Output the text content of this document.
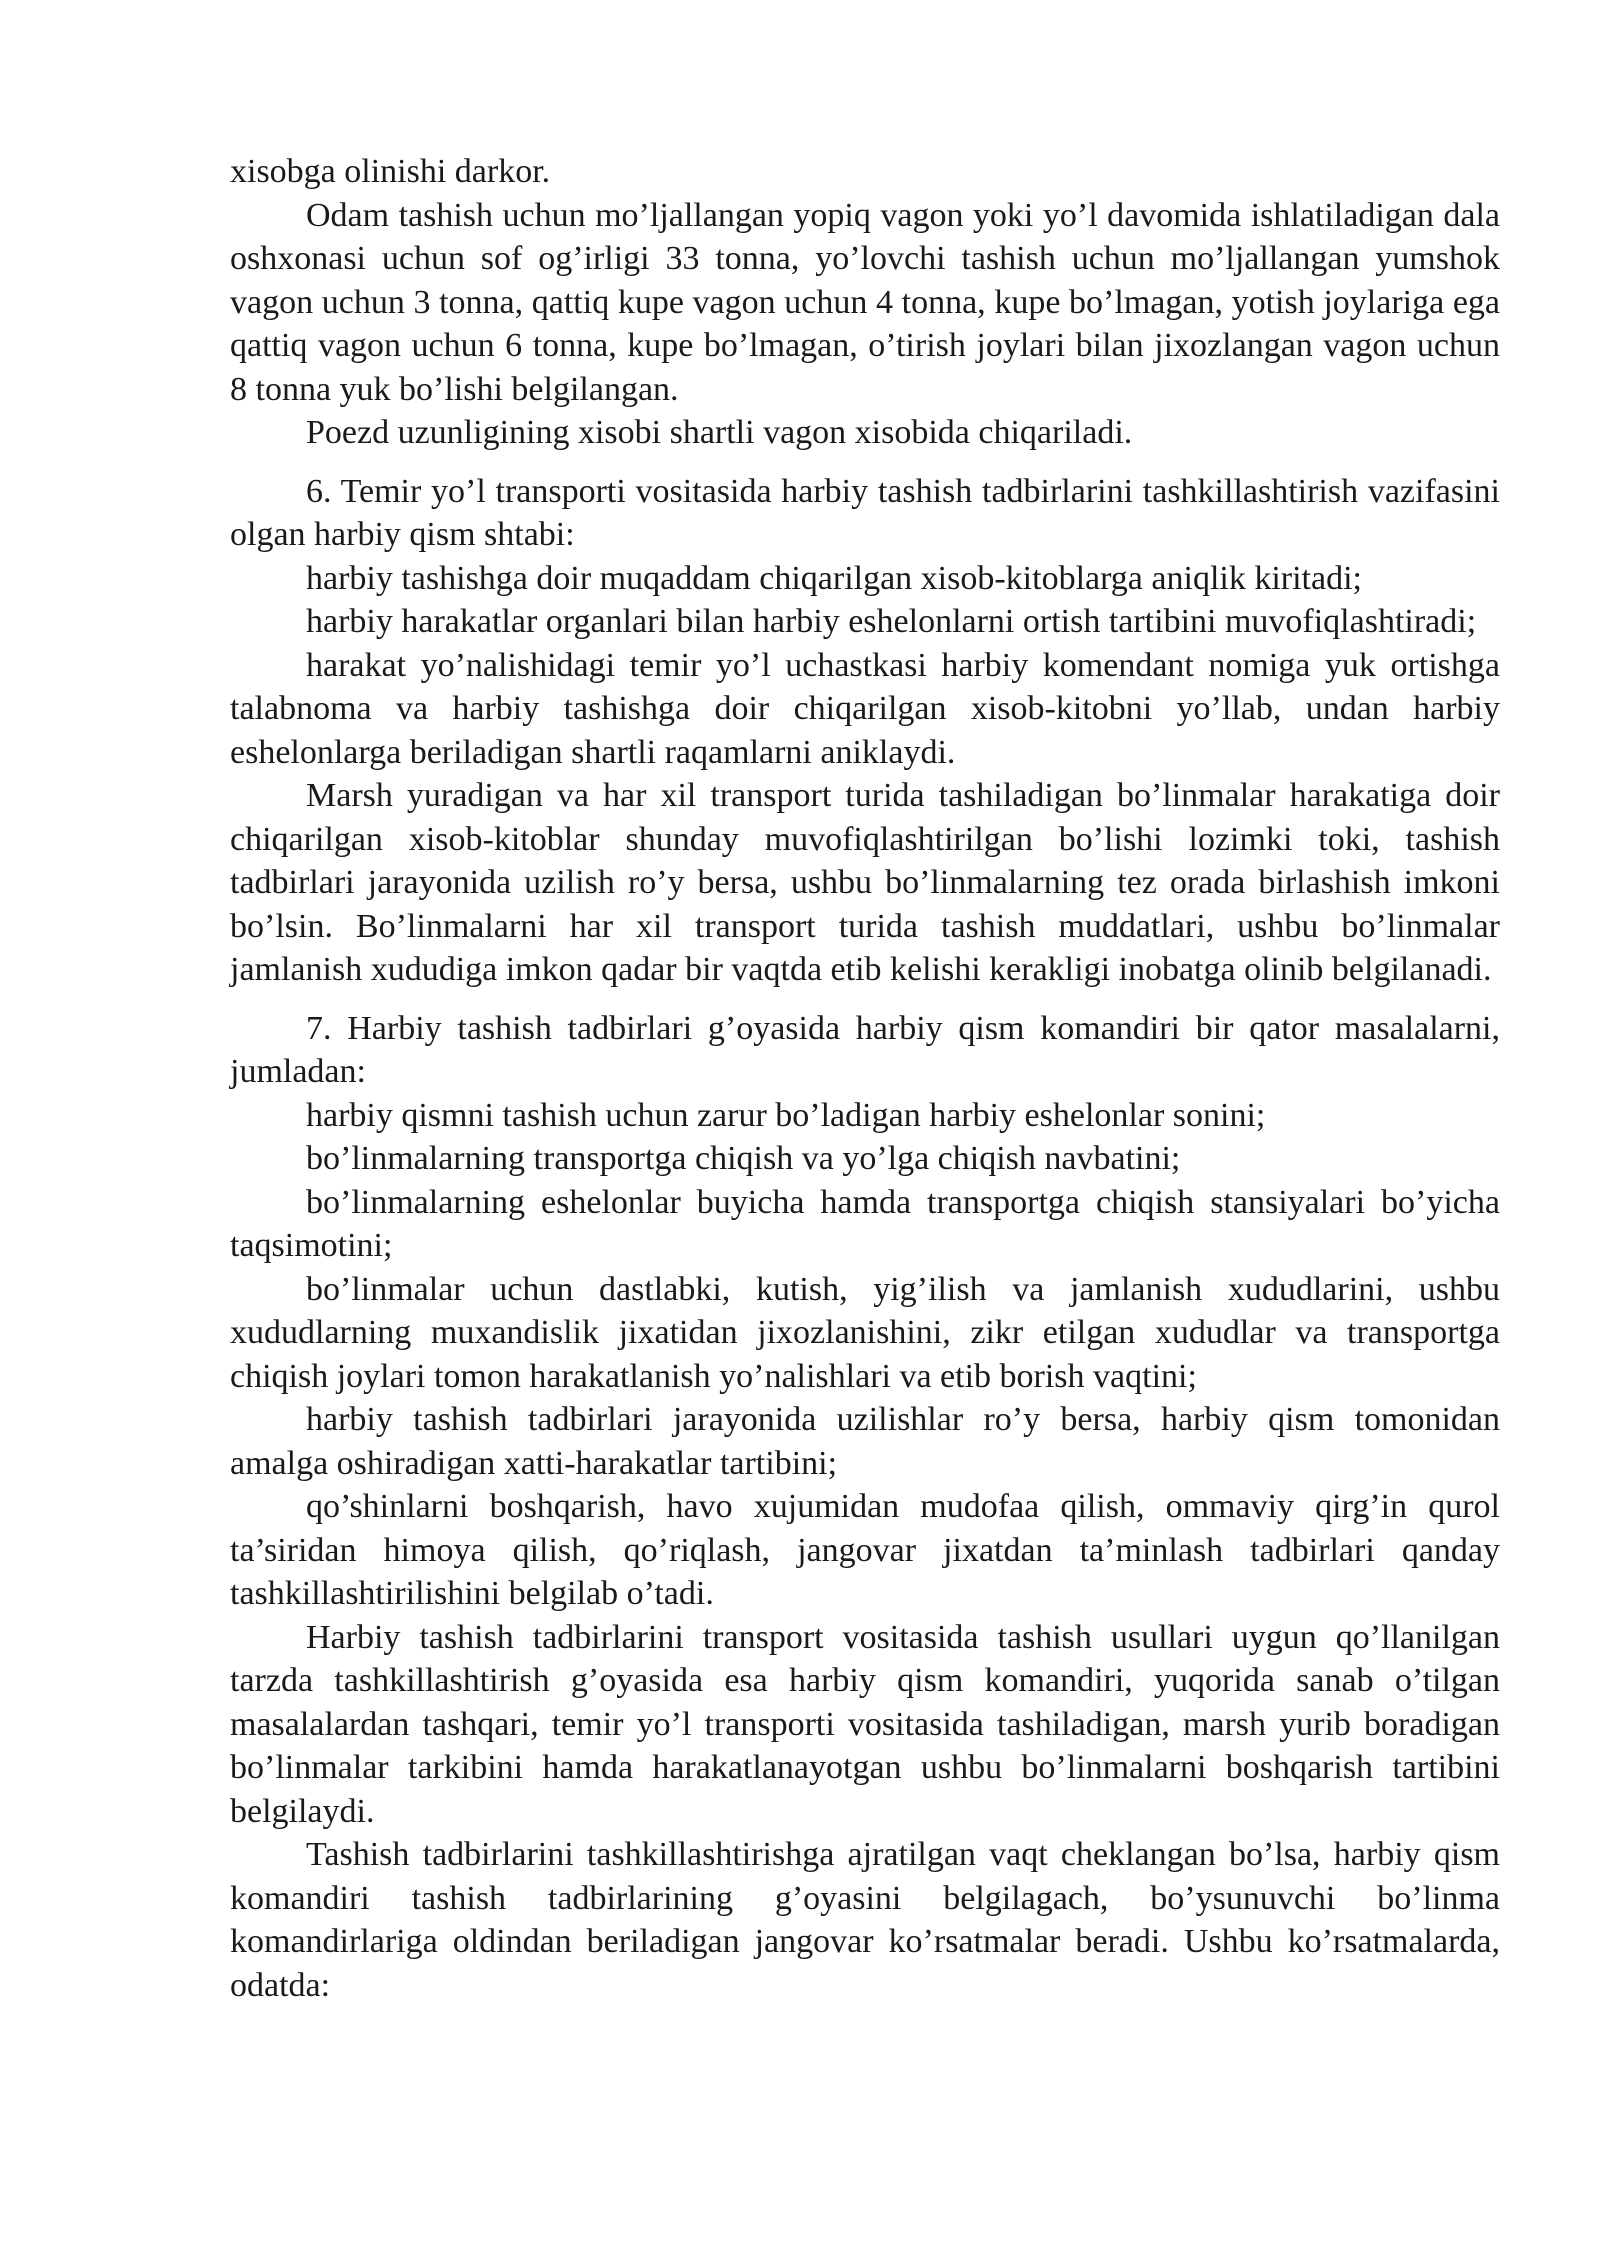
xisobga olinishi darkor.

Odam tashish uchun mo’ljallangan yopiq vagon yoki yo’l davomida ishlatiladigan dala oshxonasi uchun sof og’irligi 33 tonna, yo’lovchi tashish uchun mo’ljallangan yumshok vagon uchun 3 tonna, qattiq kupe vagon uchun 4 tonna, kupe bo’lmagan, yotish joylariga ega qattiq vagon uchun 6 tonna, kupe bo’lmagan, o’tirish joylari bilan jixozlangan vagon uchun 8 tonna yuk bo’lishi belgilangan.

Poezd uzunligining xisobi shartli vagon xisobida chiqariladi.

6. Temir yo’l transporti vositasida harbiy tashish tadbirlarini tashkillashtirish vazifasini olgan harbiy qism shtabi:

harbiy tashishga doir muqaddam chiqarilgan xisob-kitoblarga aniqlik kiritadi;

harbiy harakatlar organlari bilan harbiy eshelonlarni ortish tartibini muvofiqlashtiradi;

harakat yo’nalishidagi temir yo’l uchastkasi harbiy komendant nomiga yuk ortishga talabnoma va harbiy tashishga doir chiqarilgan xisob-kitobni yo’llab, undan harbiy eshelonlarga beriladigan shartli raqamlarni aniklaydi.

Marsh yuradigan va har xil transport turida tashiladigan bo’linmalar harakatiga doir chiqarilgan xisob-kitoblar shunday muvofiqlashtirilgan bo’lishi lozimki toki, tashish tadbirlari jarayonida uzilish ro’y bersa, ushbu bo’linmalarning tez orada birlashish imkoni bo’lsin. Bo’linmalarni har xil transport turida tashish muddatlari, ushbu bo’linmalar jamlanish xududiga imkon qadar bir vaqtda etib kelishi kerakligi inobatga olinib belgilanadi.

7. Harbiy tashish tadbirlari g’oyasida harbiy qism komandiri bir qator masalalarni, jumladan:

harbiy qismni tashish uchun zarur bo’ladigan harbiy eshelonlar sonini;

bo’linmalarning transportga chiqish va yo’lga chiqish navbatini;

bo’linmalarning eshelonlar buyicha hamda transportga chiqish stansiyalari bo’yicha taqsimotini;

bo’linmalar uchun dastlabki, kutish, yig’ilish va jamlanish xududlarini, ushbu xududlarning muxandislik jixatidan jixozlanishini, zikr etilgan xududlar va transportga chiqish joylari tomon harakatlanish yo’nalishlari va etib borish vaqtini;

harbiy tashish tadbirlari jarayonida uzilishlar ro’y bersa, harbiy qism tomonidan amalga oshiradigan xatti-harakatlar tartibini;

qo’shinlarni boshqarish, havo xujumidan mudofaa qilish, ommaviy qirg’in qurol ta’siridan himoya qilish, qo’riqlash, jangovar jixatdan ta’minlash tadbirlari qanday tashkillashtirilishini belgilab o’tadi.

Harbiy tashish tadbirlarini transport vositasida tashish usullari uygun qo’llanilgan tarzda tashkillashtirish g’oyasida esa harbiy qism komandiri, yuqorida sanab o’tilgan masalalardan tashqari, temir yo’l transporti vositasida tashiladigan, marsh yurib boradigan bo’linmalar tarkibini hamda harakatlanayotgan ushbu bo’linmalarni boshqarish tartibini belgilaydi.

Tashish tadbirlarini tashkillashtirishga ajratilgan vaqt cheklangan bo’lsa, harbiy qism komandiri tashish tadbirlarining g’oyasini belgilagach, bo’ysunuvchi bo’linma komandirlariga oldindan beriladigan jangovar ko’rsatmalar beradi. Ushbu ko’rsatmalarda, odatda:
